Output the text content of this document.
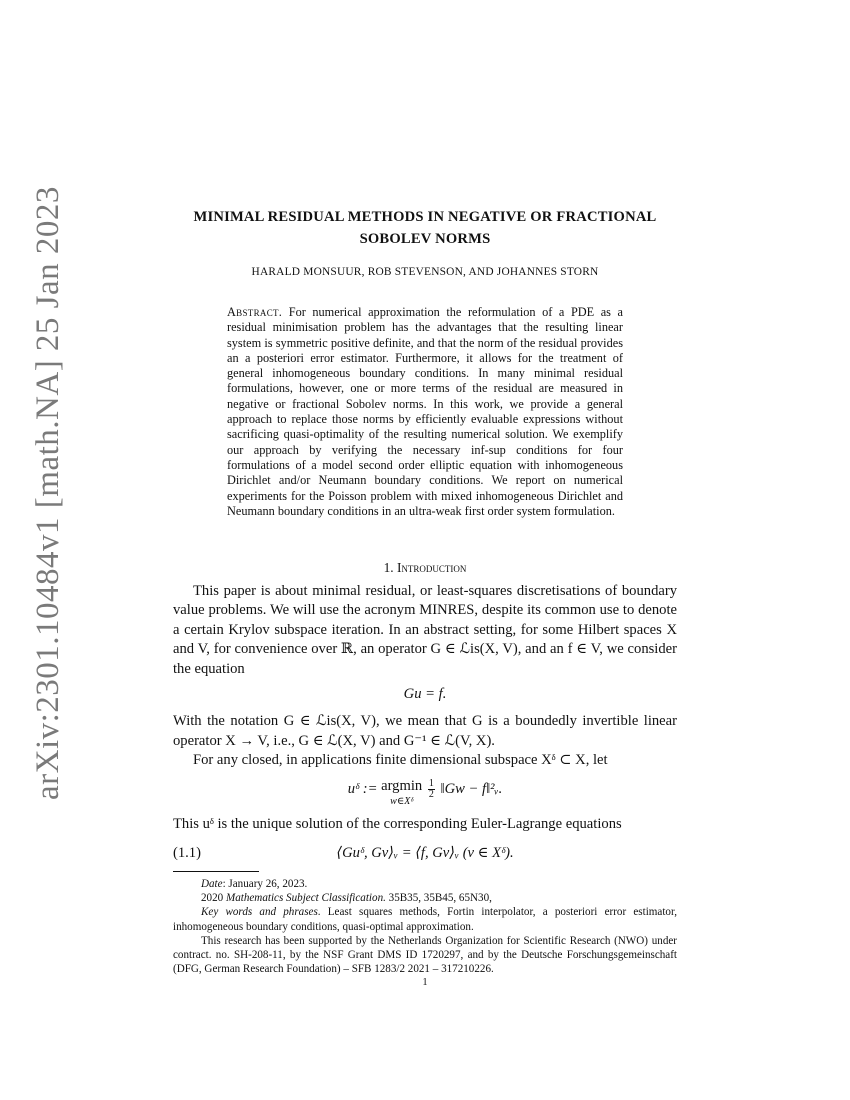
arXiv:2301.10484v1 [math.NA] 25 Jan 2023	MINIMAL RESIDUAL METHODS IN NEGATIVE OR FRACTIONAL
SOBOLEV NORMS
HARALD MONSUUR, ROB STEVENSON, AND JOHANNES STORN
Abstract. For numerical approximation the reformulation of a PDE as a residual minimisation problem has the advantages that the resulting linear system is symmetric positive definite, and that the norm of the residual provides an a posteriori error estimator. Furthermore, it allows for the treatment of general inhomogeneous boundary conditions. In many minimal residual formulations, however, one or more terms of the residual are measured in negative or fractional Sobolev norms. In this work, we provide a general approach to replace those norms by efficiently evaluable expressions without sacrificing quasi-optimality of the resulting numerical solution. We exemplify our approach by verifying the necessary inf-sup conditions for four formulations of a model second order elliptic equation with inhomogeneous Dirichlet and/or Neumann boundary conditions. We report on numerical experiments for the Poisson problem with mixed inhomogeneous Dirichlet and Neumann boundary conditions in an ultra-weak first order system formulation.
1. Introduction

This paper is about minimal residual, or least-squares discretisations of boundary value problems. We will use the acronym MINRES, despite its common use to denote a certain Krylov subspace iteration. In an abstract setting, for some Hilbert spaces X and V, for convenience over ℝ, an operator G ∈ ℒis(X, V), and an f ∈ V, we consider the equation

Gu = f.

With the notation G ∈ ℒis(X, V), we mean that G is a boundedly invertible linear operator X → V, i.e., G ∈ ℒ(X, V) and G⁻¹ ∈ ℒ(V, X).

For any closed, in applications finite dimensional subspace Xᵟ ⊂ X, let

uᵟ := argmin
w∈Xᵟ

$\frac{1}{2}$ ‖Gw − f‖²ᵥ.

This uᵟ is the unique solution of the corresponding Euler-Lagrange equations

(1.1)	⟨Guᵟ, Gv⟩ᵥ = ⟨f, Gv⟩ᵥ (v ∈ Xᵟ).

Date: January 26, 2023.

2020 Mathematics Subject Classification. 35B35, 35B45, 65N30,

Key words and phrases. Least squares methods, Fortin interpolator, a posteriori error estimator, inhomogeneous boundary conditions, quasi-optimal approximation.

This research has been supported by the Netherlands Organization for Scientific Research (NWO) under contract. no. SH-208-11, by the NSF Grant DMS ID 1720297, and by the Deutsche Forschungsgemeinschaft (DFG, German Research Foundation) – SFB 1283/2 2021 – 317210226.

1
